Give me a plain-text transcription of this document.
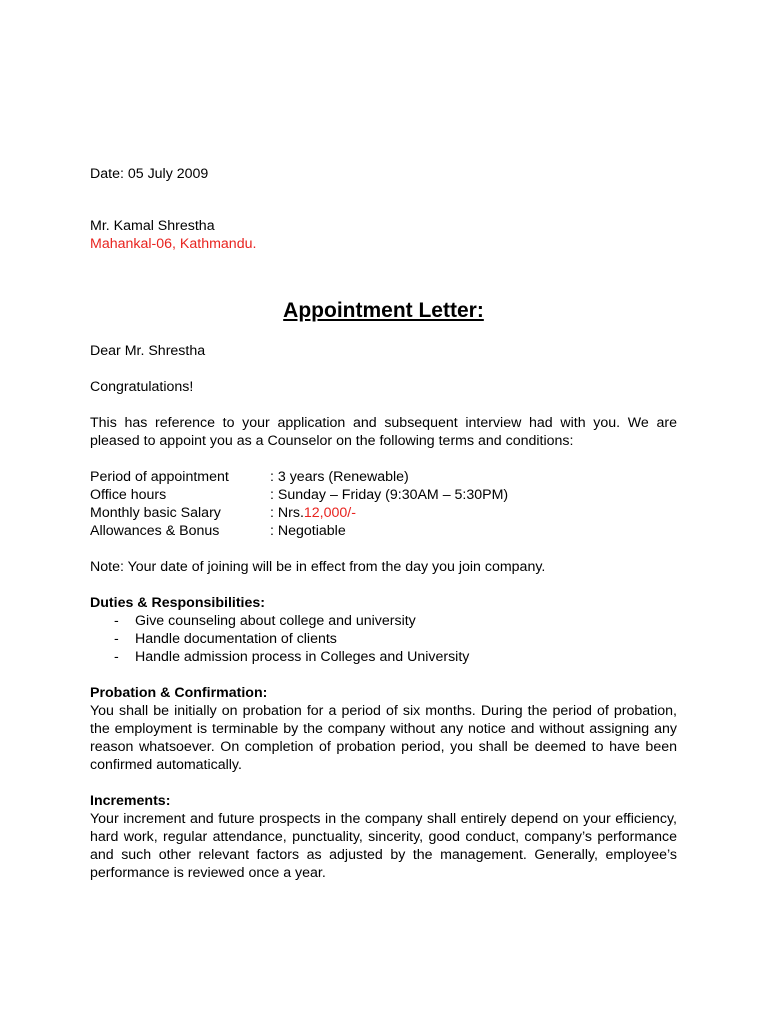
Date: 05 July 2009
Mr. Kamal Shrestha
Mahankal-06, Kathmandu.
Appointment Letter:
Dear Mr. Shrestha
Congratulations!
This has reference to your application and subsequent interview had with you. We are pleased to appoint you as a Counselor on the following terms and conditions:
Period of appointment	: 3 years (Renewable)
Office hours	: Sunday – Friday (9:30AM – 5:30PM)
Monthly basic Salary	: Nrs.12,000/-
Allowances & Bonus	: Negotiable
Note: Your date of joining will be in effect from the day you join company.
Duties & Responsibilities:
-	Give counseling about college and university
-	Handle documentation of clients
-	Handle admission process in Colleges and University
Probation & Confirmation:
You shall be initially on probation for a period of six months. During the period of probation, the employment is terminable by the company without any notice and without assigning any reason whatsoever. On completion of probation period, you shall be deemed to have been confirmed automatically.
Increments:
Your increment and future prospects in the company shall entirely depend on your efficiency, hard work, regular attendance, punctuality, sincerity, good conduct, company’s performance and such other relevant factors as adjusted by the management. Generally, employee’s performance is reviewed once a year.
